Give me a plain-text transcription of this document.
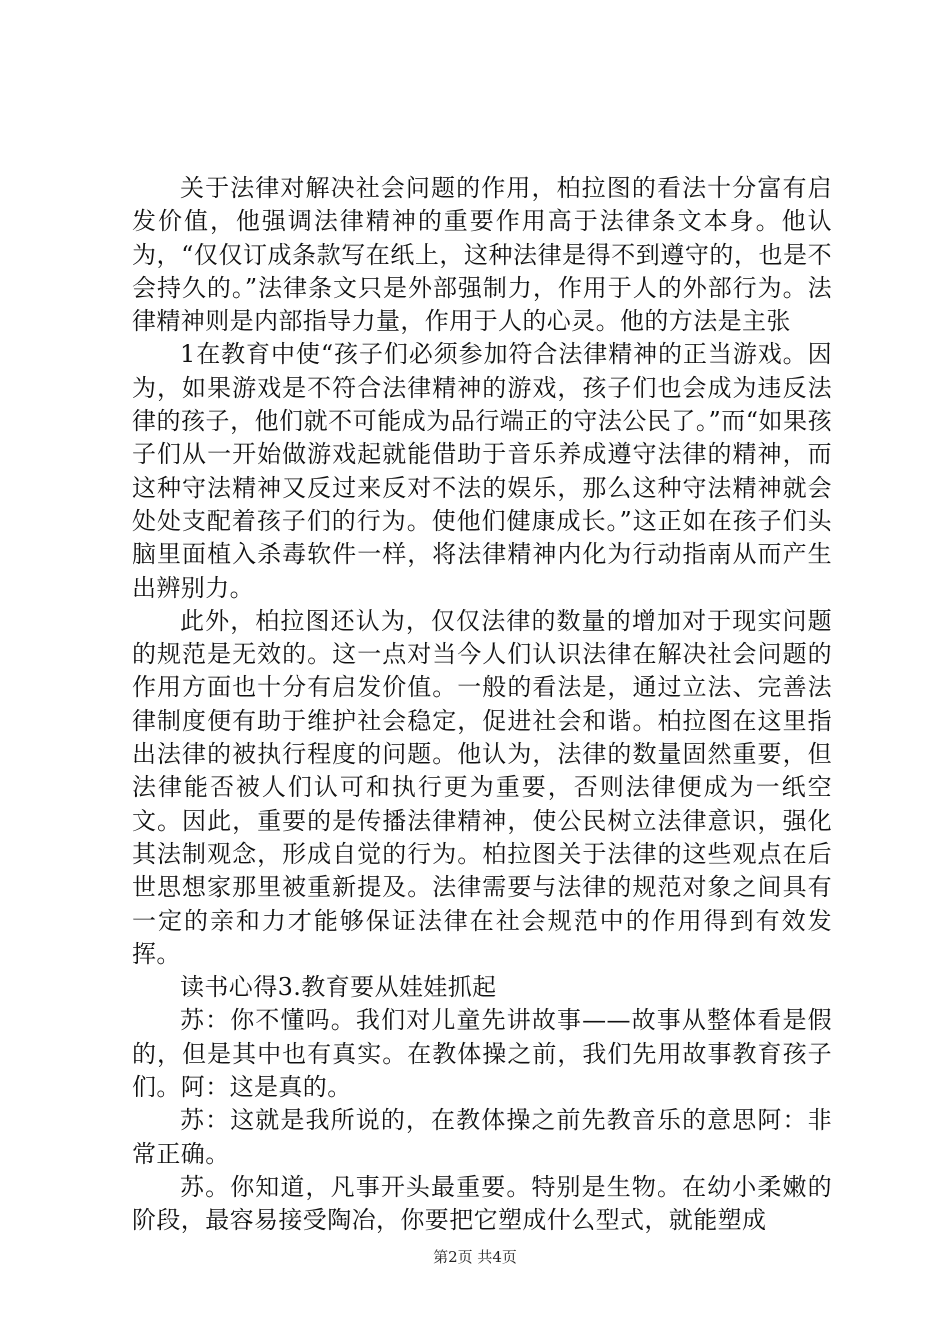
关于法律对解决社会问题的作用，柏拉图的看法十分富有启发价值，他强调法律精神的重要作用高于法律条文本身。他认为，“仅仅订成条款写在纸上，这种法律是得不到遵守的，也是不会持久的。”法律条文只是外部强制力，作用于人的外部行为。法律精神则是内部指导力量，作用于人的心灵。他的方法是主张

1在教育中使“孩子们必须参加符合法律精神的正当游戏。因为，如果游戏是不符合法律精神的游戏，孩子们也会成为违反法律的孩子，他们就不可能成为品行端正的守法公民了。”而“如果孩子们从一开始做游戏起就能借助于音乐养成遵守法律的精神，而这种守法精神又反过来反对不法的娱乐，那么这种守法精神就会处处支配着孩子们的行为。使他们健康成长。”这正如在孩子们头脑里面植入杀毒软件一样，将法律精神内化为行动指南从而产生出辨别力。

此外，柏拉图还认为，仅仅法律的数量的增加对于现实问题的规范是无效的。这一点对当今人们认识法律在解决社会问题的作用方面也十分有启发价值。一般的看法是，通过立法、完善法律制度便有助于维护社会稳定，促进社会和谐。柏拉图在这里指出法律的被执行程度的问题。他认为，法律的数量固然重要，但法律能否被人们认可和执行更为重要，否则法律便成为一纸空文。因此，重要的是传播法律精神，使公民树立法律意识，强化其法制观念，形成自觉的行为。柏拉图关于法律的这些观点在后世思想家那里被重新提及。法律需要与法律的规范对象之间具有一定的亲和力才能够保证法律在社会规范中的作用得到有效发挥。

读书心得3.教育要从娃娃抓起

苏：你不懂吗。我们对儿童先讲故事——故事从整体看是假的，但是其中也有真实。在教体操之前，我们先用故事教育孩子们。阿：这是真的。

苏：这就是我所说的，在教体操之前先教音乐的意思阿：非常正确。

苏。你知道，凡事开头最重要。特别是生物。在幼小柔嫩的阶段，最容易接受陶冶，你要把它塑成什么型式，就能塑成

第2页 共4页
